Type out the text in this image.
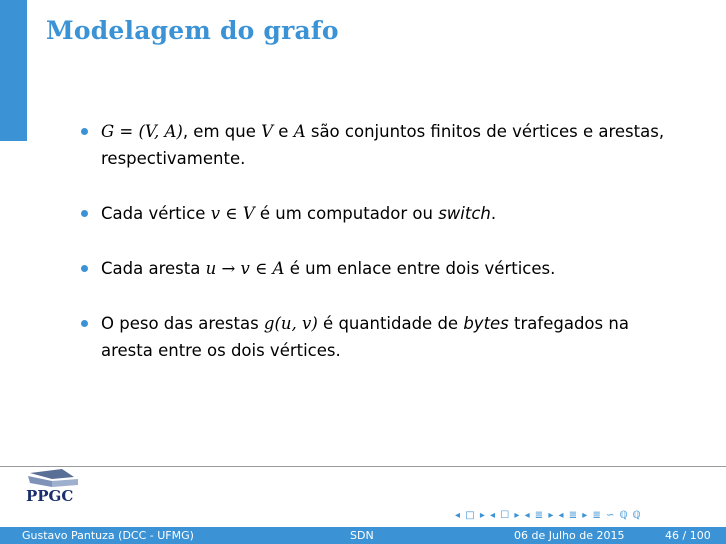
Modelagem do grafo
G = (V, A), em que V e A são conjuntos finitos de vértices e arestas, respectivamente.
Cada vértice v ∈ V é um computador ou switch.
Cada aresta u → v ∈ A é um enlace entre dois vértices.
O peso das arestas g(u, v) é quantidade de bytes trafegados na aresta entre os dois vértices.
PPGC
◂ □ ▸ ◂ ☐ ▸ ◂ ≣ ▸ ◂ ≣ ▸ ≣ ∽ ℚ ℚ
Gustavo Pantuza (DCC - UFMG)	SDN	06 de Julho de 2015	46 / 100
